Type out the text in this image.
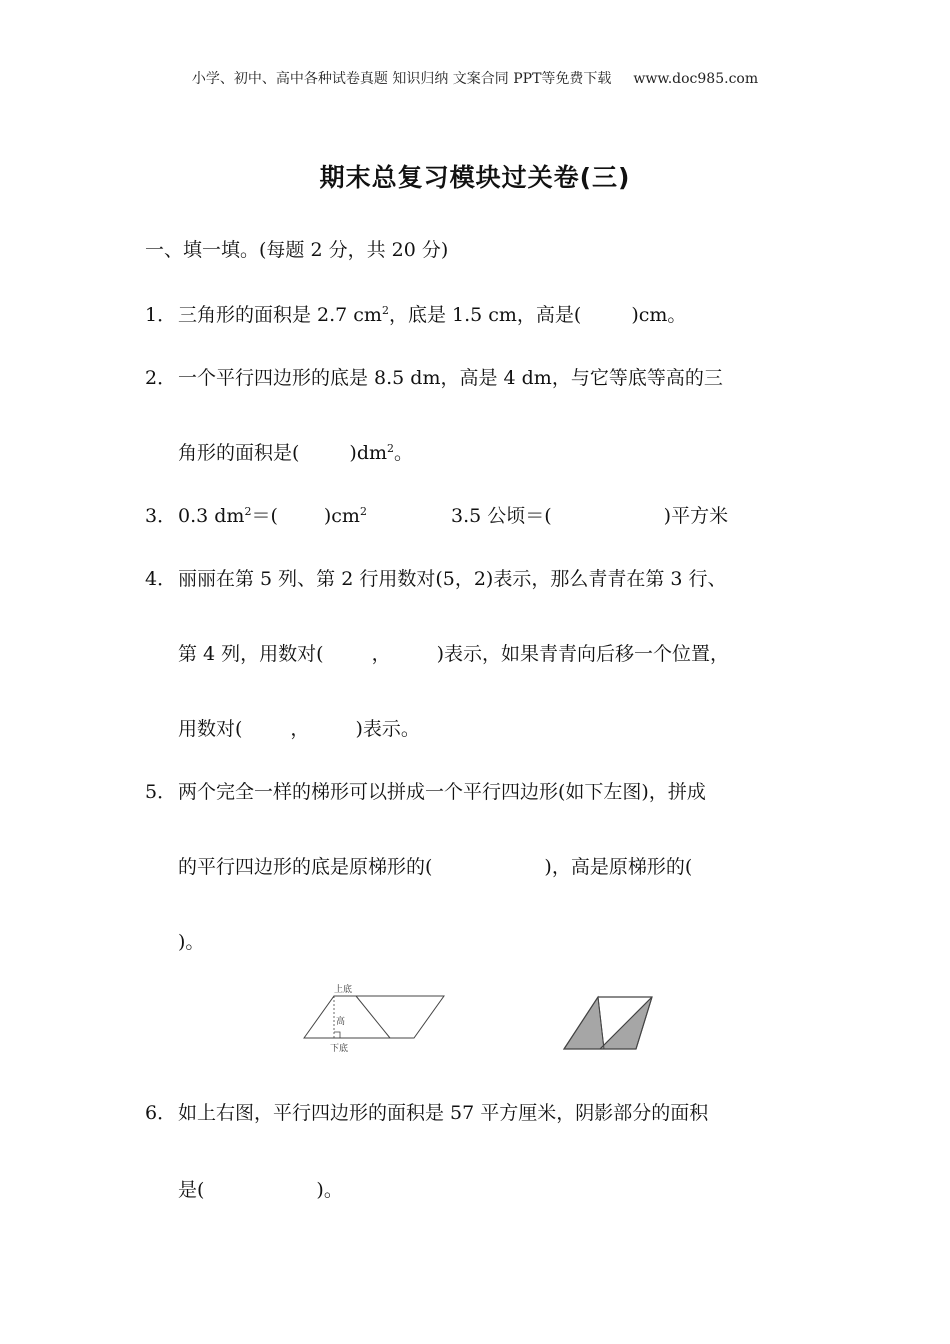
小学、初中、高中各种试卷真题 知识归纳 文案合同 PPT等免费下载 www.doc985.com
期末总复习模块过关卷(三)
一、填一填。(每题 2 分，共 20 分)
1． 三角形的面积是 2.7 $cm^2$，底是 1.5 cm，高是(	)cm。
2． 一个平行四边形的底是 8.5 dm，高是 4 dm，与它等底等高的三
角形的面积是(	)$dm^2$。
3． 0.3 $dm^2=$( )$cm^2$	3.5 公顷＝(	)平方米
4． 丽丽在第 5 列、第 2 行用数对(5，2)表示，那么青青在第 3 行、
第 4 列，用数对(	， )表示，如果青青向后移一个位置，
用数对(	， )表示。
5． 两个完全一样的梯形可以拼成一个平行四边形(如下左图)，拼成
的平行四边形的底是原梯形的(	)，高是原梯形的(
)。
上底
高
下底
6． 如上右图，平行四边形的面积是 57 平方厘米，阴影部分的面积
是(	)。
